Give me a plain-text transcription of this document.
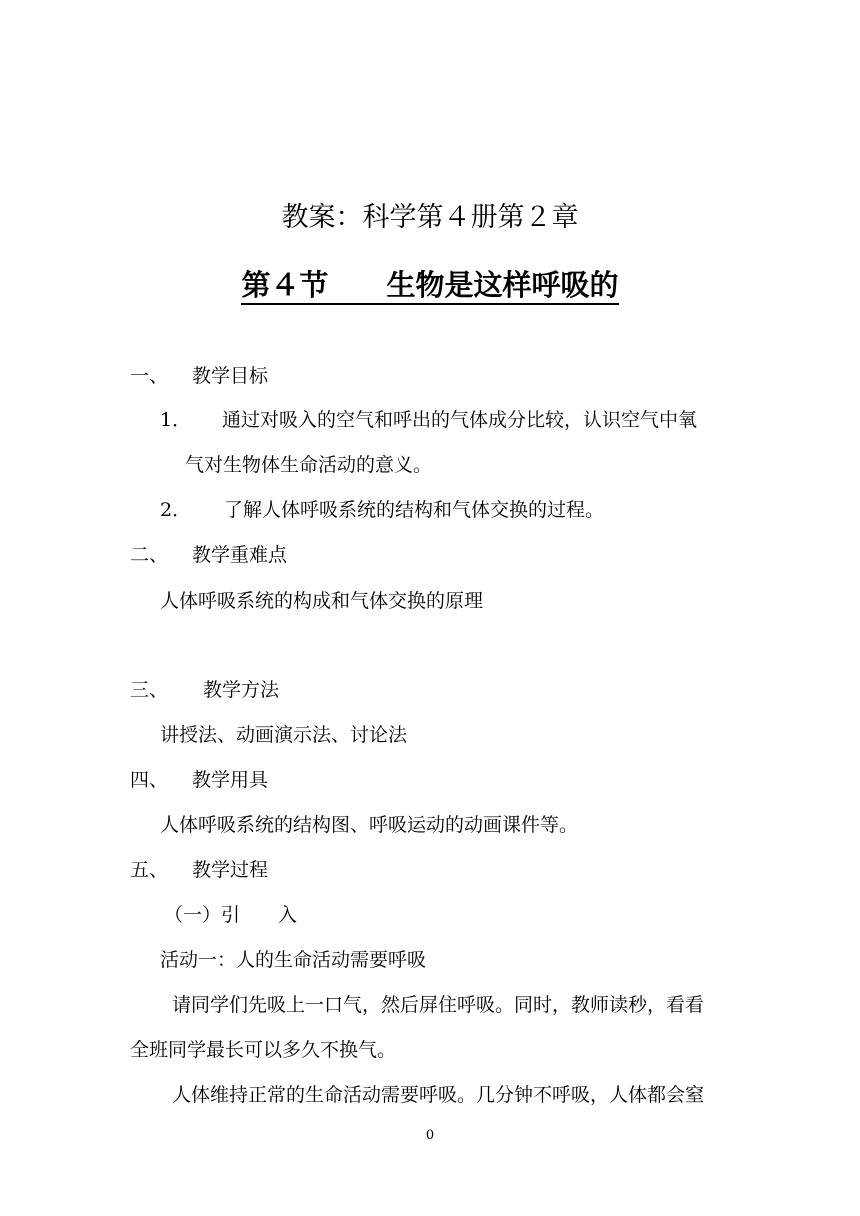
教案：科学第４册第２章
第４节　　生物是这样呼吸的
一、 教学目标
1． 通过对吸入的空气和呼出的气体成分比较，认识空气中氧
气对生物体生命活动的意义。
2． 了解人体呼吸系统的结构和气体交换的过程。
二、 教学重难点
人体呼吸系统的构成和气体交换的原理
三、 教学方法
讲授法、动画演示法、讨论法
四、 教学用具
人体呼吸系统的结构图、呼吸运动的动画课件等。
五、 教学过程
（一）引　　入
活动一：人的生命活动需要呼吸
请同学们先吸上一口气，然后屏住呼吸。同时，教师读秒，看看
全班同学最长可以多久不换气。
人体维持正常的生命活动需要呼吸。几分钟不呼吸，人体都会窒
0
